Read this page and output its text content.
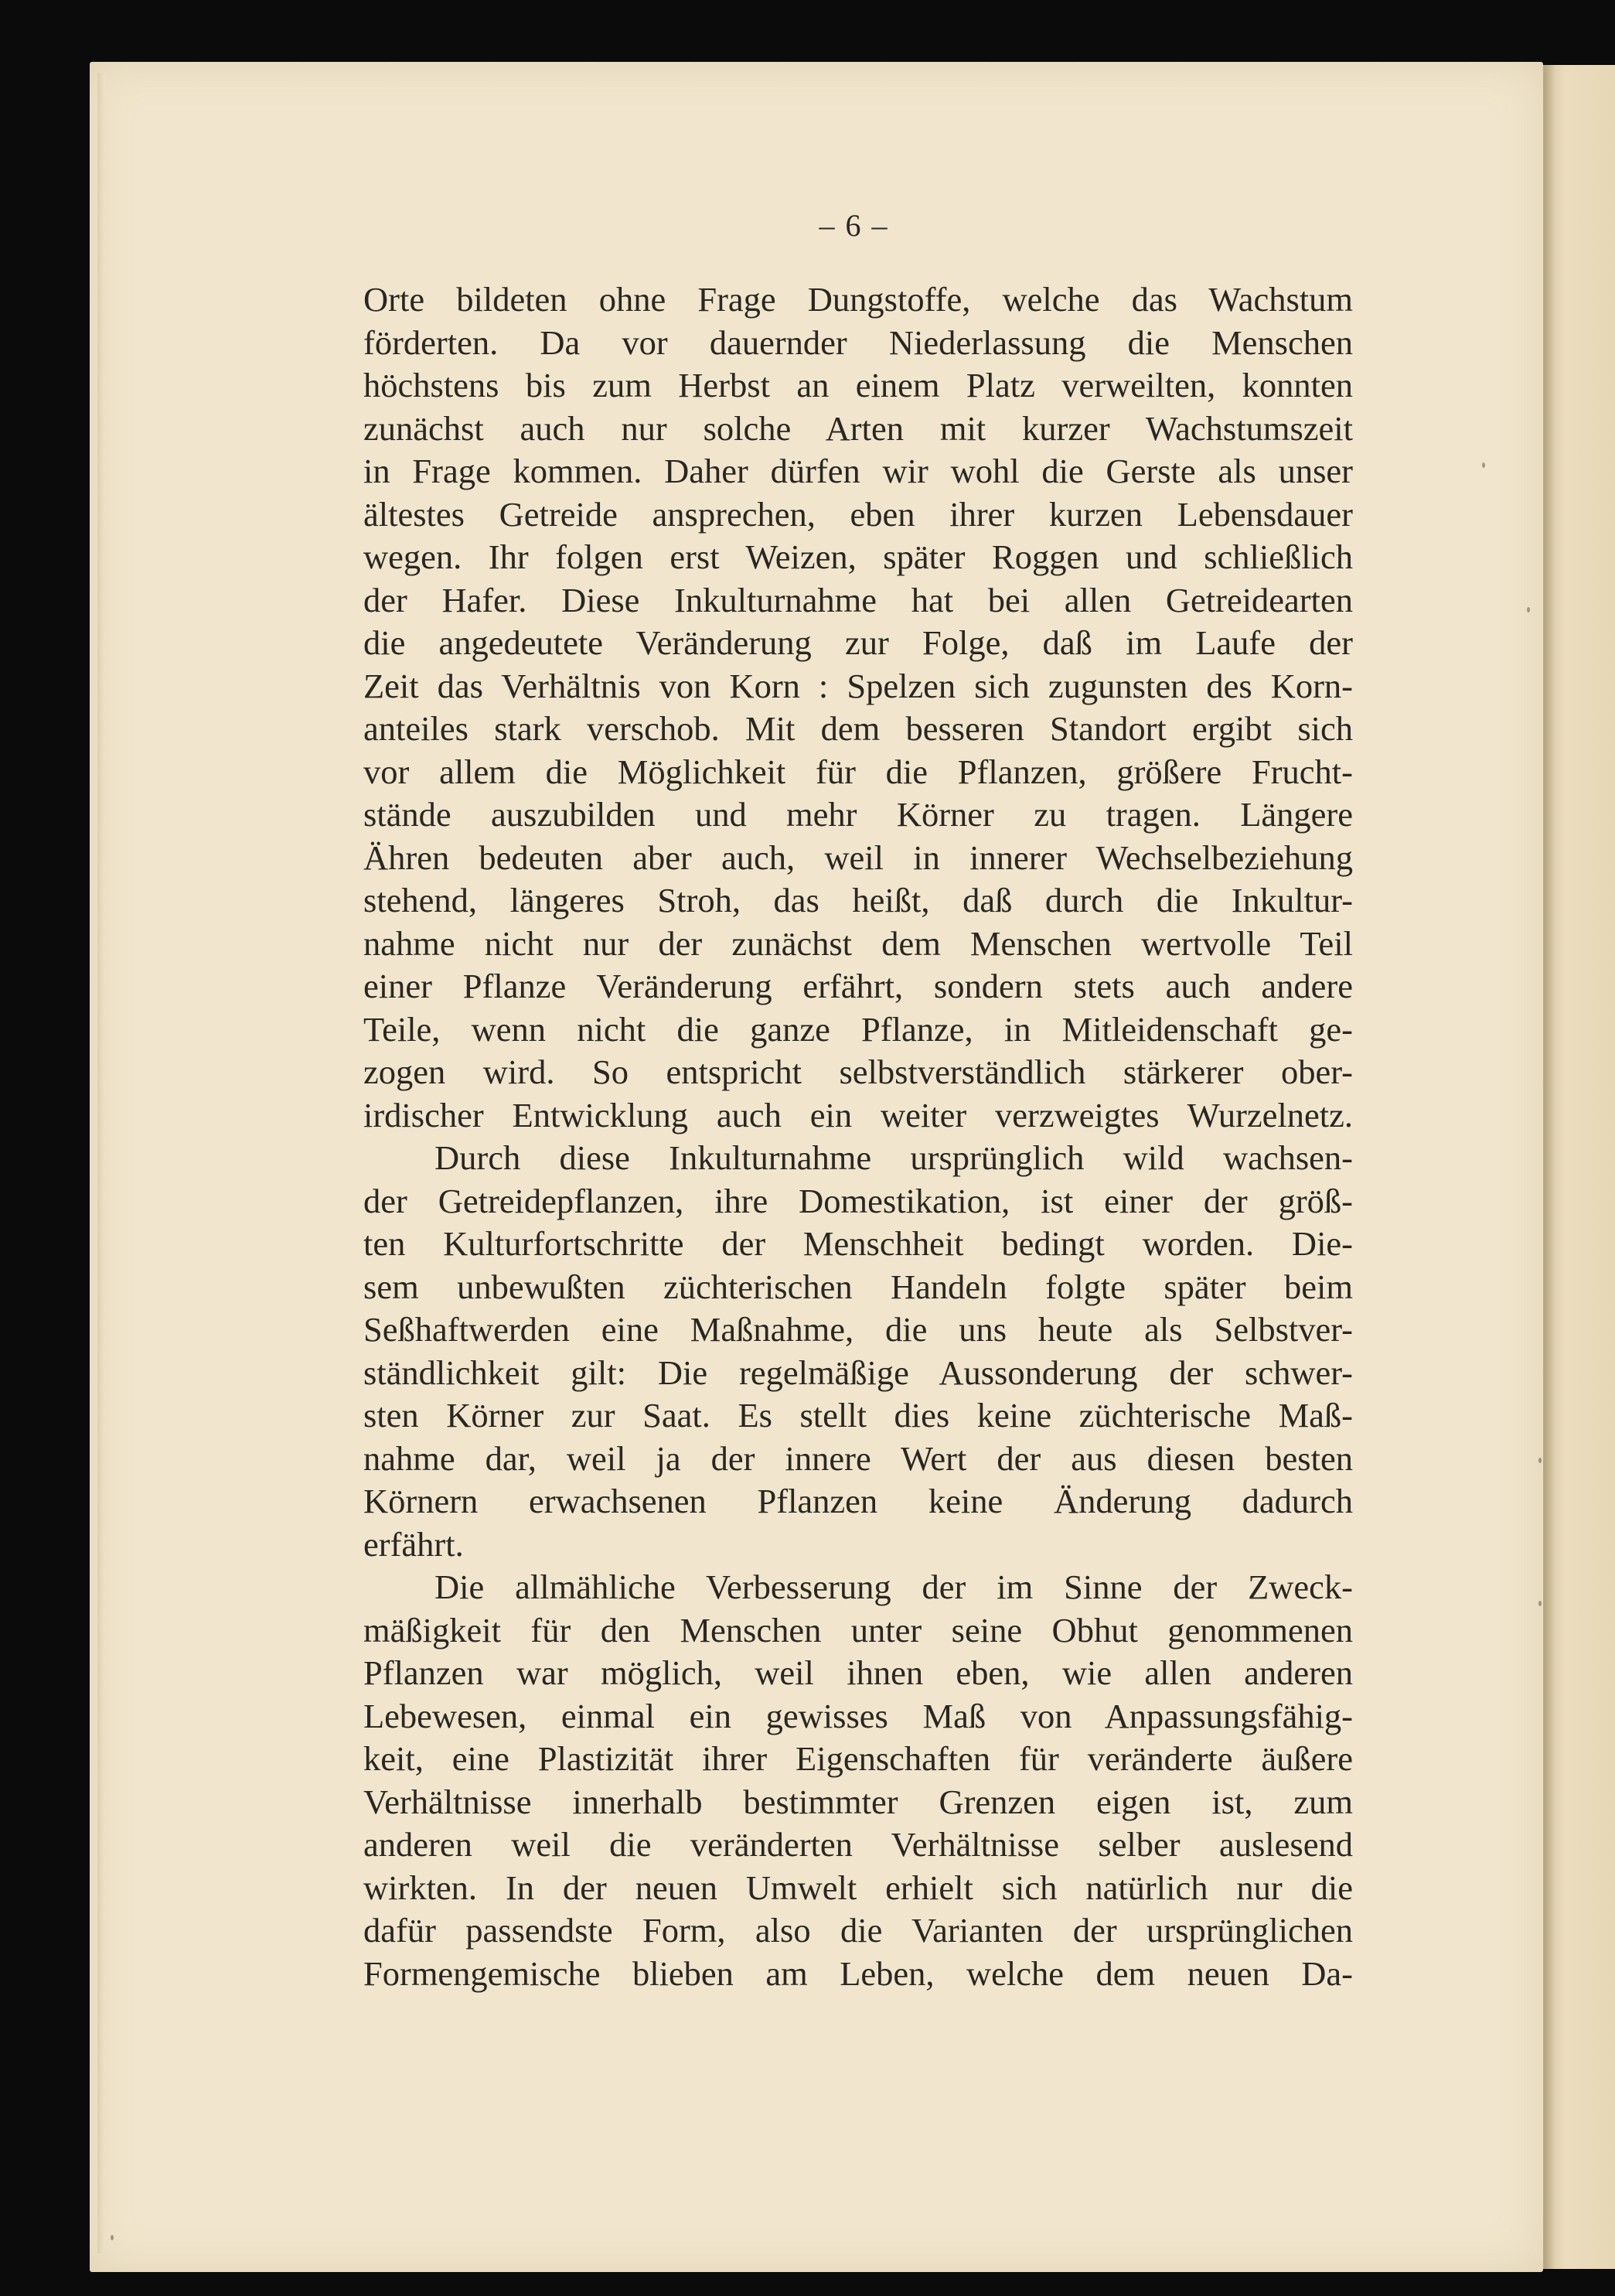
– 6 –
Orte bildeten ohne Frage Dungstoffe, welche das Wachstum
förderten. Da vor dauernder Niederlassung die Menschen
höchstens bis zum Herbst an einem Platz verweilten, konnten
zunächst auch nur solche Arten mit kurzer Wachstumszeit
in Frage kommen. Daher dürfen wir wohl die Gerste als unser
ältestes Getreide ansprechen, eben ihrer kurzen Lebensdauer
wegen. Ihr folgen erst Weizen, später Roggen und schließlich
der Hafer. Diese Inkulturnahme hat bei allen Getreidearten
die angedeutete Veränderung zur Folge, daß im Laufe der
Zeit das Verhältnis von Korn : Spelzen sich zugunsten des Korn-
anteiles stark verschob. Mit dem besseren Standort ergibt sich
vor allem die Möglichkeit für die Pflanzen, größere Frucht-
stände auszubilden und mehr Körner zu tragen. Längere
Ähren bedeuten aber auch, weil in innerer Wechselbeziehung
stehend, längeres Stroh, das heißt, daß durch die Inkultur-
nahme nicht nur der zunächst dem Menschen wertvolle Teil
einer Pflanze Veränderung erfährt, sondern stets auch andere
Teile, wenn nicht die ganze Pflanze, in Mitleidenschaft ge-
zogen wird. So entspricht selbstverständlich stärkerer ober-
irdischer Entwicklung auch ein weiter verzweigtes Wurzelnetz.
Durch diese Inkulturnahme ursprünglich wild wachsen-
der Getreidepflanzen, ihre Domestikation, ist einer der größ-
ten Kulturfortschritte der Menschheit bedingt worden. Die-
sem unbewußten züchterischen Handeln folgte später beim
Seßhaftwerden eine Maßnahme, die uns heute als Selbstver-
ständlichkeit gilt: Die regelmäßige Aussonderung der schwer-
sten Körner zur Saat. Es stellt dies keine züchterische Maß-
nahme dar, weil ja der innere Wert der aus diesen besten
Körnern erwachsenen Pflanzen keine Änderung dadurch
erfährt.
Die allmähliche Verbesserung der im Sinne der Zweck-
mäßigkeit für den Menschen unter seine Obhut genommenen
Pflanzen war möglich, weil ihnen eben, wie allen anderen
Lebewesen, einmal ein gewisses Maß von Anpassungsfähig-
keit, eine Plastizität ihrer Eigenschaften für veränderte äußere
Verhältnisse innerhalb bestimmter Grenzen eigen ist, zum
anderen weil die veränderten Verhältnisse selber auslesend
wirkten. In der neuen Umwelt erhielt sich natürlich nur die
dafür passendste Form, also die Varianten der ursprünglichen
Formengemische blieben am Leben, welche dem neuen Da-
